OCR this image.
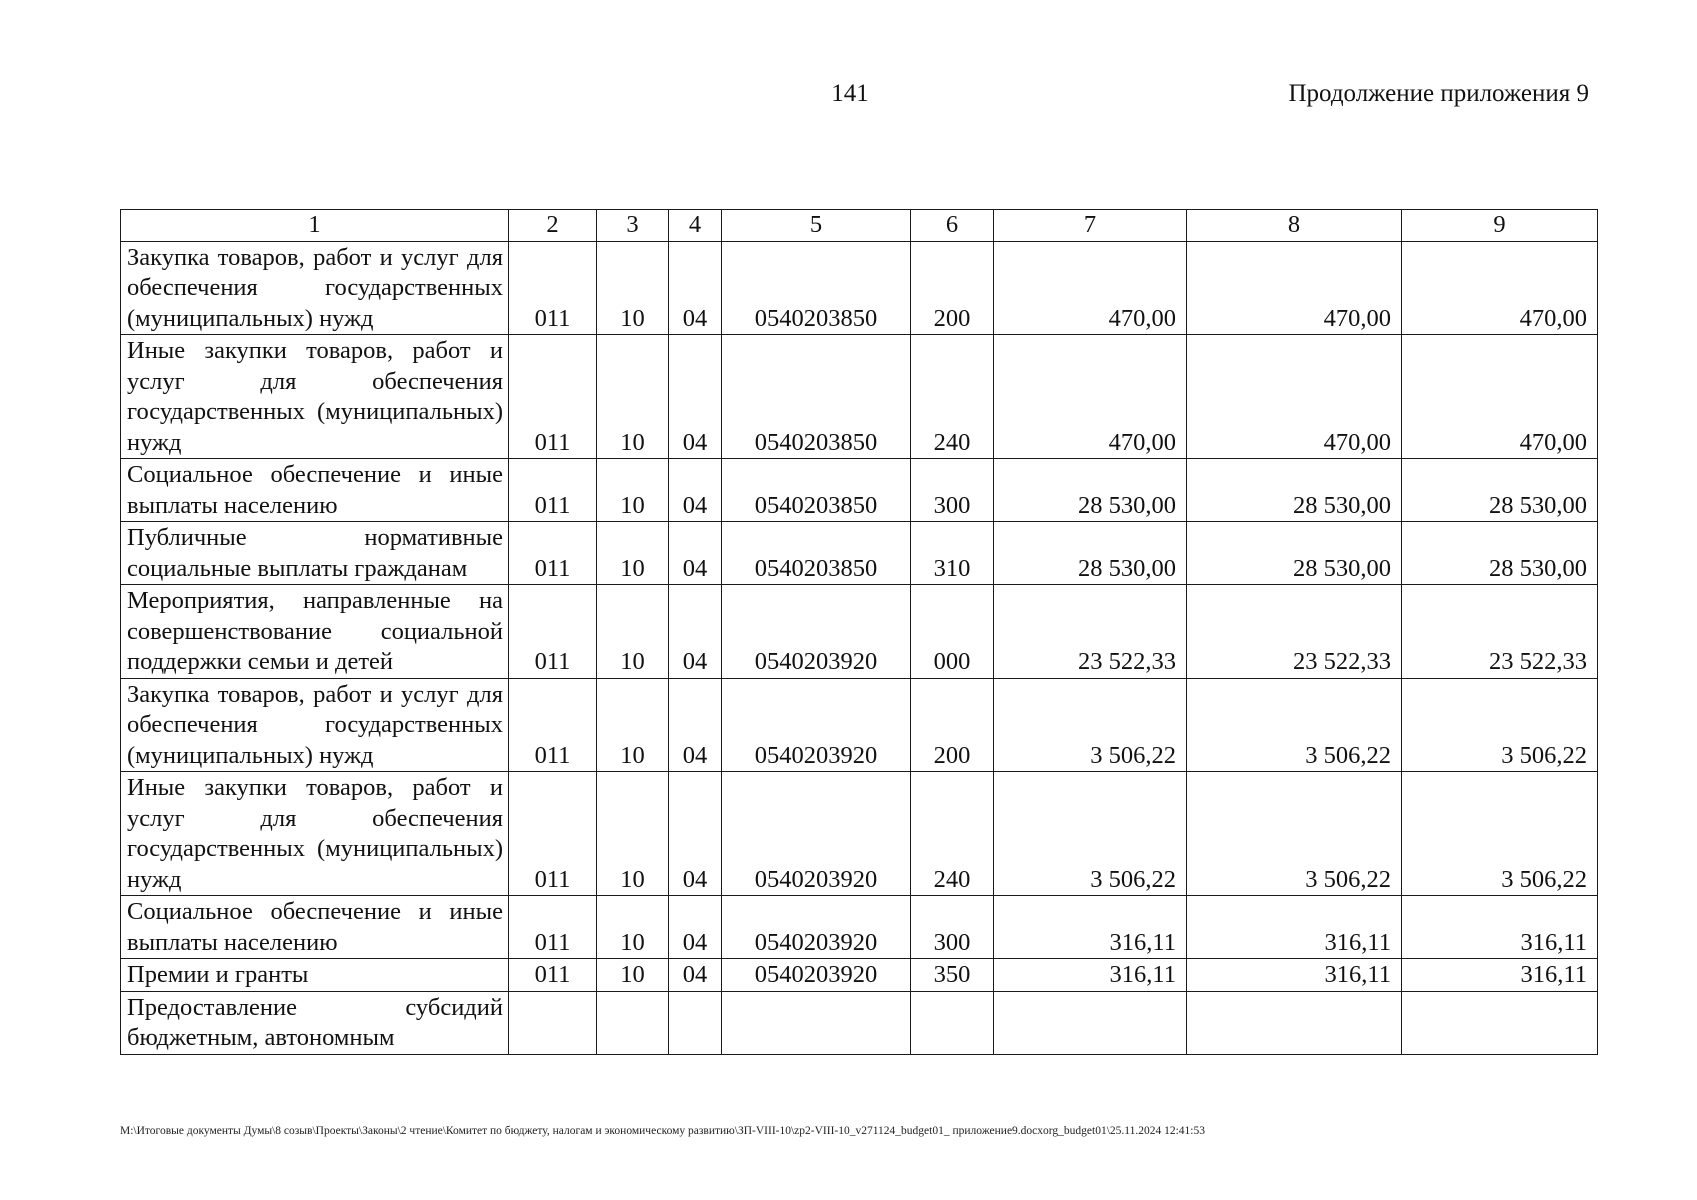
141	Продолжение приложения 9
1	2	3	4	5	6	7	8	9
Закупка товаров, работ и услуг для обеспечения государственных (муниципальных) нужд	011	10	04	0540203850	200	470,00	470,00	470,00
Иные закупки товаров, работ и услуг для обеспечения государственных (муниципальных) нужд	011	10	04	0540203850	240	470,00	470,00	470,00
Социальное обеспечение и иные выплаты населению	011	10	04	0540203850	300	28 530,00	28 530,00	28 530,00
Публичные нормативные социальные выплаты гражданам	011	10	04	0540203850	310	28 530,00	28 530,00	28 530,00
Мероприятия, направленные на совершенствование социальной поддержки семьи и детей	011	10	04	0540203920	000	23 522,33	23 522,33	23 522,33
Закупка товаров, работ и услуг для обеспечения государственных (муниципальных) нужд	011	10	04	0540203920	200	3 506,22	3 506,22	3 506,22
Иные закупки товаров, работ и услуг для обеспечения государственных (муниципальных) нужд	011	10	04	0540203920	240	3 506,22	3 506,22	3 506,22
Социальное обеспечение и иные выплаты населению	011	10	04	0540203920	300	316,11	316,11	316,11
Премии и гранты	011	10	04	0540203920	350	316,11	316,11	316,11
Предоставление субсидий бюджетным, автономным								
M:\Итоговые документы Думы\8 созыв\Проекты\Законы\2 чтение\Комитет по бюджету, налогам и экономическому развитию\ЗП-VIII-10\zp2-VIII-10_v271124_budget01_ приложение9.docxorg_budget01\25.11.2024 12:41:53
